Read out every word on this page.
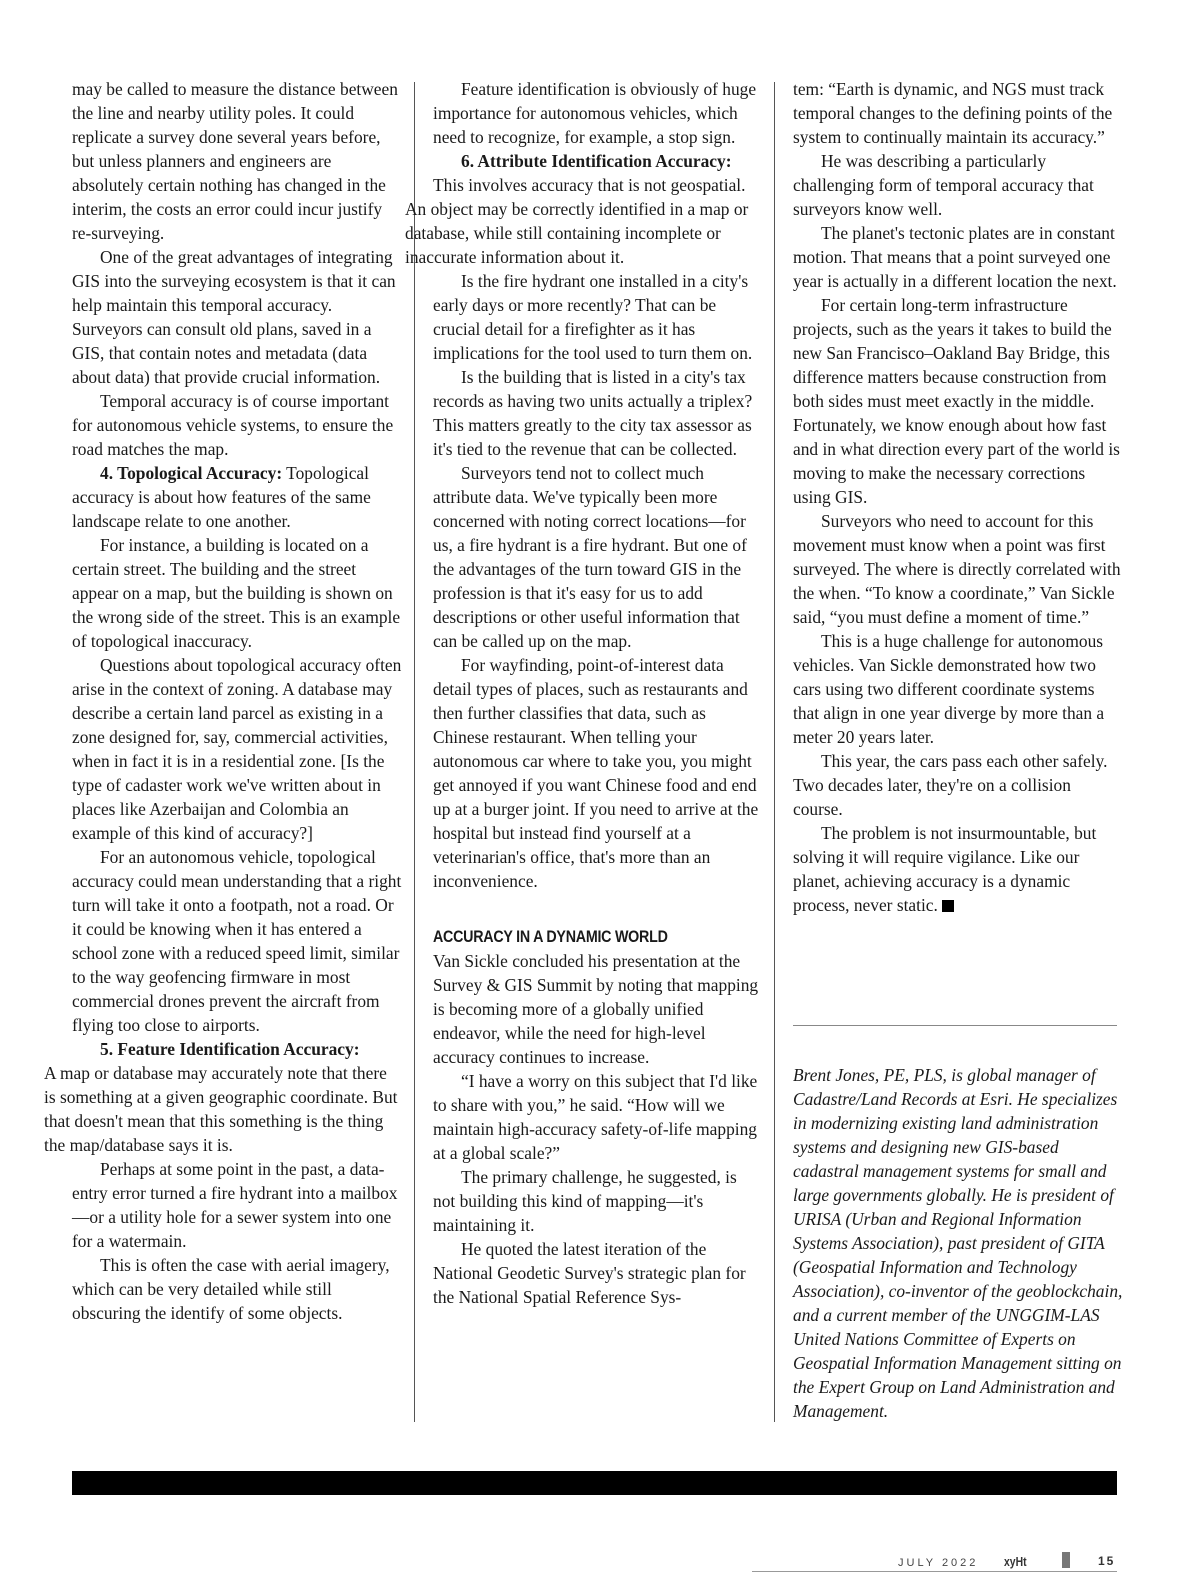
may be called to measure the distance between the line and nearby utility poles. It could replicate a survey done several years before, but unless planners and engineers are absolutely certain nothing has changed in the interim, the costs an error could incur justify re-surveying.

One of the great advantages of integrating GIS into the surveying ecosystem is that it can help maintain this temporal accuracy. Surveyors can consult old plans, saved in a GIS, that contain notes and metadata (data about data) that provide crucial information.

Temporal accuracy is of course important for autonomous vehicle systems, to ensure the road matches the map.

4. Topological Accuracy: Topological accuracy is about how features of the same landscape relate to one another.

For instance, a building is located on a certain street. The building and the street appear on a map, but the building is shown on the wrong side of the street. This is an example of topological inaccuracy.

Questions about topological accuracy often arise in the context of zoning. A database may describe a certain land parcel as existing in a zone designed for, say, commercial activities, when in fact it is in a residential zone. [Is the type of cadaster work we've written about in places like Azerbaijan and Colombia an example of this kind of accuracy?]

For an autonomous vehicle, topological accuracy could mean understanding that a right turn will take it onto a footpath, not a road. Or it could be knowing when it has entered a school zone with a reduced speed limit, similar to the way geofencing firmware in most commercial drones prevent the aircraft from flying too close to airports.

5. Feature Identification Accuracy:
A map or database may accurately note that there is something at a given geographic coordinate. But that doesn't mean that this something is the thing the map/database says it is.

Perhaps at some point in the past, a data-entry error turned a fire hydrant into a mailbox—or a utility hole for a sewer system into one for a watermain.

This is often the case with aerial imagery, which can be very detailed while still obscuring the identify of some objects.

Feature identification is obviously of huge importance for autonomous vehicles, which need to recognize, for example, a stop sign.

6. Attribute Identification Accuracy:
This involves accuracy that is not geospatial. An object may be correctly identified in a map or database, while still containing incomplete or inaccurate information about it.

Is the fire hydrant one installed in a city's early days or more recently? That can be crucial detail for a firefighter as it has implications for the tool used to turn them on.

Is the building that is listed in a city's tax records as having two units actually a triplex? This matters greatly to the city tax assessor as it's tied to the revenue that can be collected.

Surveyors tend not to collect much attribute data. We've typically been more concerned with noting correct locations—for us, a fire hydrant is a fire hydrant. But one of the advantages of the turn toward GIS in the profession is that it's easy for us to add descriptions or other useful information that can be called up on the map.

For wayfinding, point-of-interest data detail types of places, such as restaurants and then further classifies that data, such as Chinese restaurant. When telling your autonomous car where to take you, you might get annoyed if you want Chinese food and end up at a burger joint. If you need to arrive at the hospital but instead find yourself at a veterinarian's office, that's more than an inconvenience.

ACCURACY IN A DYNAMIC WORLD

Van Sickle concluded his presentation at the Survey & GIS Summit by noting that mapping is becoming more of a globally unified endeavor, while the need for high-level accuracy continues to increase.

“I have a worry on this subject that I'd like to share with you,” he said. “How will we maintain high-accuracy safety-of-life mapping at a global scale?”

The primary challenge, he suggested, is not building this kind of mapping—it's maintaining it.

He quoted the latest iteration of the National Geodetic Survey's strategic plan for the National Spatial Reference Sys-

tem: “Earth is dynamic, and NGS must track temporal changes to the defining points of the system to continually maintain its accuracy.”

He was describing a particularly challenging form of temporal accuracy that surveyors know well.

The planet's tectonic plates are in constant motion. That means that a point surveyed one year is actually in a different location the next.

For certain long-term infrastructure projects, such as the years it takes to build the new San Francisco–Oakland Bay Bridge, this difference matters because construction from both sides must meet exactly in the middle. Fortunately, we know enough about how fast and in what direction every part of the world is moving to make the necessary corrections using GIS.

Surveyors who need to account for this movement must know when a point was first surveyed. The where is directly correlated with the when. “To know a coordinate,” Van Sickle said, “you must define a moment of time.”

This is a huge challenge for autonomous vehicles. Van Sickle demonstrated how two cars using two different coordinate systems that align in one year diverge by more than a meter 20 years later.

This year, the cars pass each other safely. Two decades later, they're on a collision course.

The problem is not insurmountable, but solving it will require vigilance. Like our planet, achieving accuracy is a dynamic process, never static.

Brent Jones, PE, PLS, is global manager of Cadastre/Land Records at Esri. He specializes in modernizing existing land administration systems and designing new GIS-based cadastral management systems for small and large governments globally. He is president of URISA (Urban and Regional Information Systems Association), past president of GITA (Geospatial Information and Technology Association), co-inventor of the geoblockchain, and a current member of the UNGGIM-LAS United Nations Committee of Experts on Geospatial Information Management sitting on the Expert Group on Land Administration and Management.

JULY 2022 xyHt	15
